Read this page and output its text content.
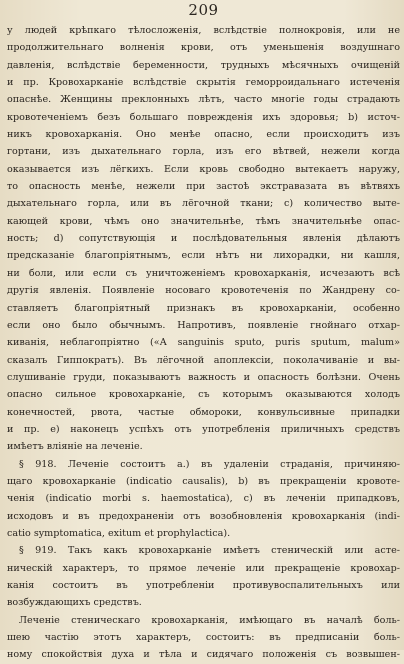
209
у людей крѣпкаго тѣлосложенія, вслѣдствіе полнокровія, или не
продолжительнаго волненія крови, отъ уменьшенія воздушнаго
давленія, вслѣдствіе беременности, трудныхъ мѣсячныхъ очищеній
и пр. Кровохарканіе вслѣдствіе скрытія геморроидальнаго истеченія
опаснѣе. Женщины преклонныхъ лѣтъ, часто многіе годы страдають
кровотеченіемъ безъ большаго поврежденія ихъ здоровья; b) источ-
никъ кровохарканія. Оно менѣе опасно, если происходитъ изъ
гортани, изъ дыхательнаго горла, изъ его вѣтвей, нежели когда
оказывается изъ лёгкихъ. Если кровь свободно вытекаетъ наружу,
то опасность менѣе, нежели при застоѣ экстравазата въ вѣтвяхъ
дыхательнаго горла, или въ лёгочной ткани; c) количество выте-
кающей крови, чѣмъ оно значительнѣе, тѣмъ значительнѣе опас-
ность; d) сопутствующія и послѣдовательныя явленія дѣлаютъ
предсказаніе благопріятнымъ, если нѣтъ ни лихорадки, ни кашля,
ни боли, или если съ уничтоженіемъ кровохарканія, исчезаютъ всѣ
другія явленія. Появленіе носоваго кровотеченія по Жандрену со-
ставляетъ благопріятный признакъ въ кровохарканіи, особенно
если оно было обычнымъ. Напротивъ, появленіе гнойнаго отхар-
киванія, неблагопріятно («А sanguinis sputo, puris sputum, malum»
сказалъ Гиппократъ). Въ лёгочной апоплексіи, поколачиваніе и вы-
слушиваніе груди, показываютъ важность и опасность болѣзни. Очень
опасно сильное кровохарканіе, съ которымъ оказываются холодъ
конечностей, рвота, частые обмороки, конвульсивные припадки
и пр. e) наконецъ успѣхъ отъ употребленія приличныхъ средствъ
имѣетъ вліяніе на леченіе.
§ 918. Леченіе состоитъ а.) въ удаленіи страданія, причиняю-
щаго кровохарканіе (indicatio causalis), b) въ прекращеніи кровоте-
ченія (indicatio morbi s. haemostatica), c) въ леченіи припадковъ,
исходовъ и въ предохраненіи отъ возобновленія кровохарканія (indi-
catio symptomatica, exitum et prophylactica).
§ 919. Такъ какъ кровохарканіе имѣетъ стеническій или асте-
ническій характеръ, то прямое леченіе или прекращеніе кровохар-
канія состоитъ въ употребленіи противувоспалительныхъ или
возбуждающихъ средствъ.
Леченіе стеническаго кровохарканія, имѣющаго въ началѣ боль-
шею частію этотъ характеръ, состоитъ: въ предписаніи боль-
ному спокойствія духа и тѣла и сидячаго положенія съ возвышен-
